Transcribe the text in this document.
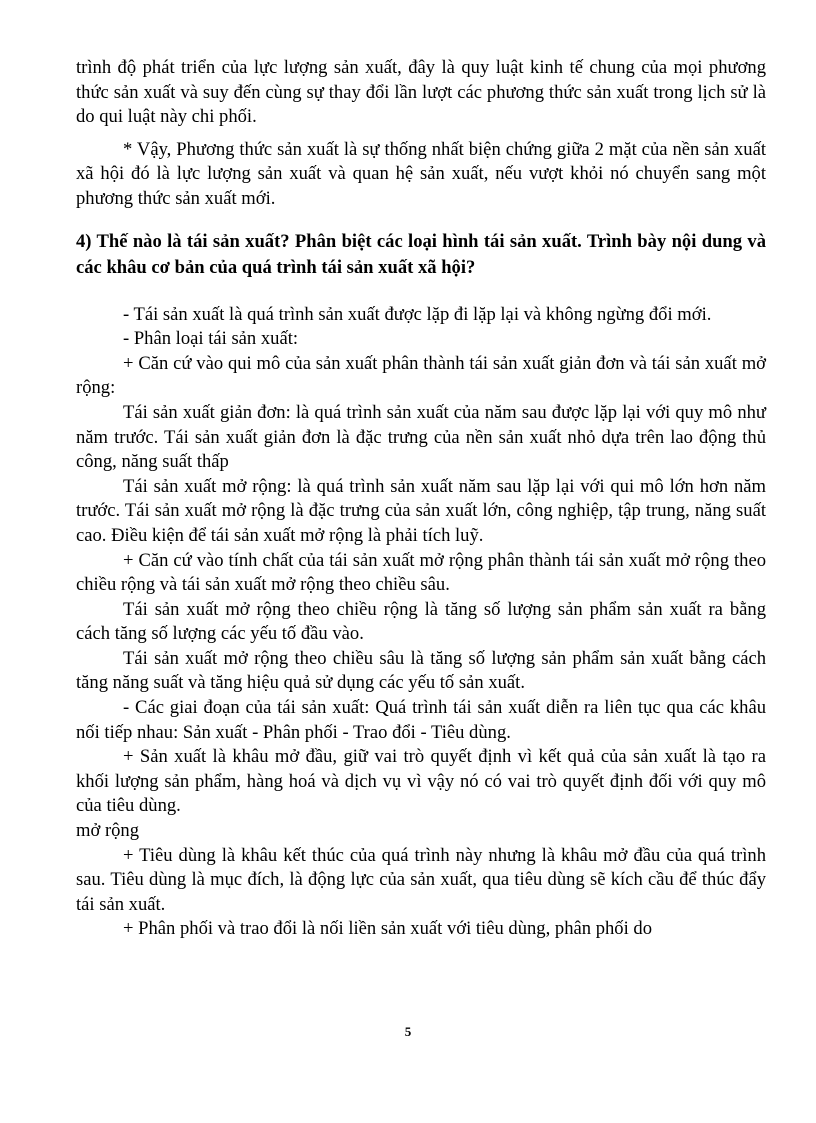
trình độ phát triển của lực lượng sản xuất, đây là quy luật kinh tế chung của mọi phương thức sản xuất và suy đến cùng sự thay đổi lần lượt các phương thức sản xuất trong lịch sử là do qui luật này chi phối.

* Vậy, Phương thức sản xuất là sự thống nhất biện chứng giữa 2 mặt của nền sản xuất xã hội đó là lực lượng sản xuất và quan hệ sản xuất, nếu vượt khỏi nó chuyển sang một phương thức sản xuất mới.

4) Thế nào là tái sản xuất? Phân biệt các loại hình tái sản xuất. Trình bày nội dung và các khâu cơ bản của quá trình tái sản xuất xã hội?

- Tái sản xuất là quá trình sản xuất được lặp đi lặp lại và không ngừng đổi mới.

- Phân loại tái sản xuất:

+ Căn cứ vào qui mô của sản xuất phân thành tái sản xuất giản đơn và tái sản xuất mở rộng:

Tái sản xuất giản đơn: là quá trình sản xuất của năm sau được lặp lại với quy mô như năm trước. Tái sản xuất giản đơn là đặc trưng của nền sản xuất nhỏ dựa trên lao động thủ công, năng suất thấp

Tái sản xuất mở rộng: là quá trình sản xuất năm sau lặp lại với qui mô lớn hơn năm trước. Tái sản xuất mở rộng là đặc trưng của sản xuất lớn, công nghiệp, tập trung, năng suất cao. Điều kiện để tái sản xuất mở rộng là phải tích luỹ.

+ Căn cứ vào tính chất của tái sản xuất mở rộng phân thành tái sản xuất mở rộng theo chiều rộng và tái sản xuất mở rộng theo chiều sâu.

Tái sản xuất mở rộng theo chiều rộng là tăng số lượng sản phẩm sản xuất ra bằng cách tăng số lượng các yếu tố đầu vào.

Tái sản xuất mở rộng theo chiều sâu là tăng số lượng sản phẩm sản xuất bằng cách tăng năng suất và tăng hiệu quả sử dụng các yếu tố sản xuất.

- Các giai đoạn của tái sản xuất: Quá trình tái sản xuất diễn ra liên tục qua các khâu nối tiếp nhau: Sản xuất - Phân phối - Trao đổi - Tiêu dùng.

+ Sản xuất là khâu mở đầu, giữ vai trò quyết định vì kết quả của sản xuất là tạo ra khối lượng sản phẩm, hàng hoá và dịch vụ vì vậy nó có vai trò quyết định đối với quy mô của tiêu dùng.

mở rộng

+ Tiêu dùng là khâu kết thúc của quá trình này nhưng là khâu mở đầu của quá trình sau. Tiêu dùng là mục đích, là động lực của sản xuất, qua tiêu dùng sẽ kích cầu để thúc đẩy tái sản xuất.

+ Phân phối và trao đổi là nối liền sản xuất với tiêu dùng, phân phối do

5
